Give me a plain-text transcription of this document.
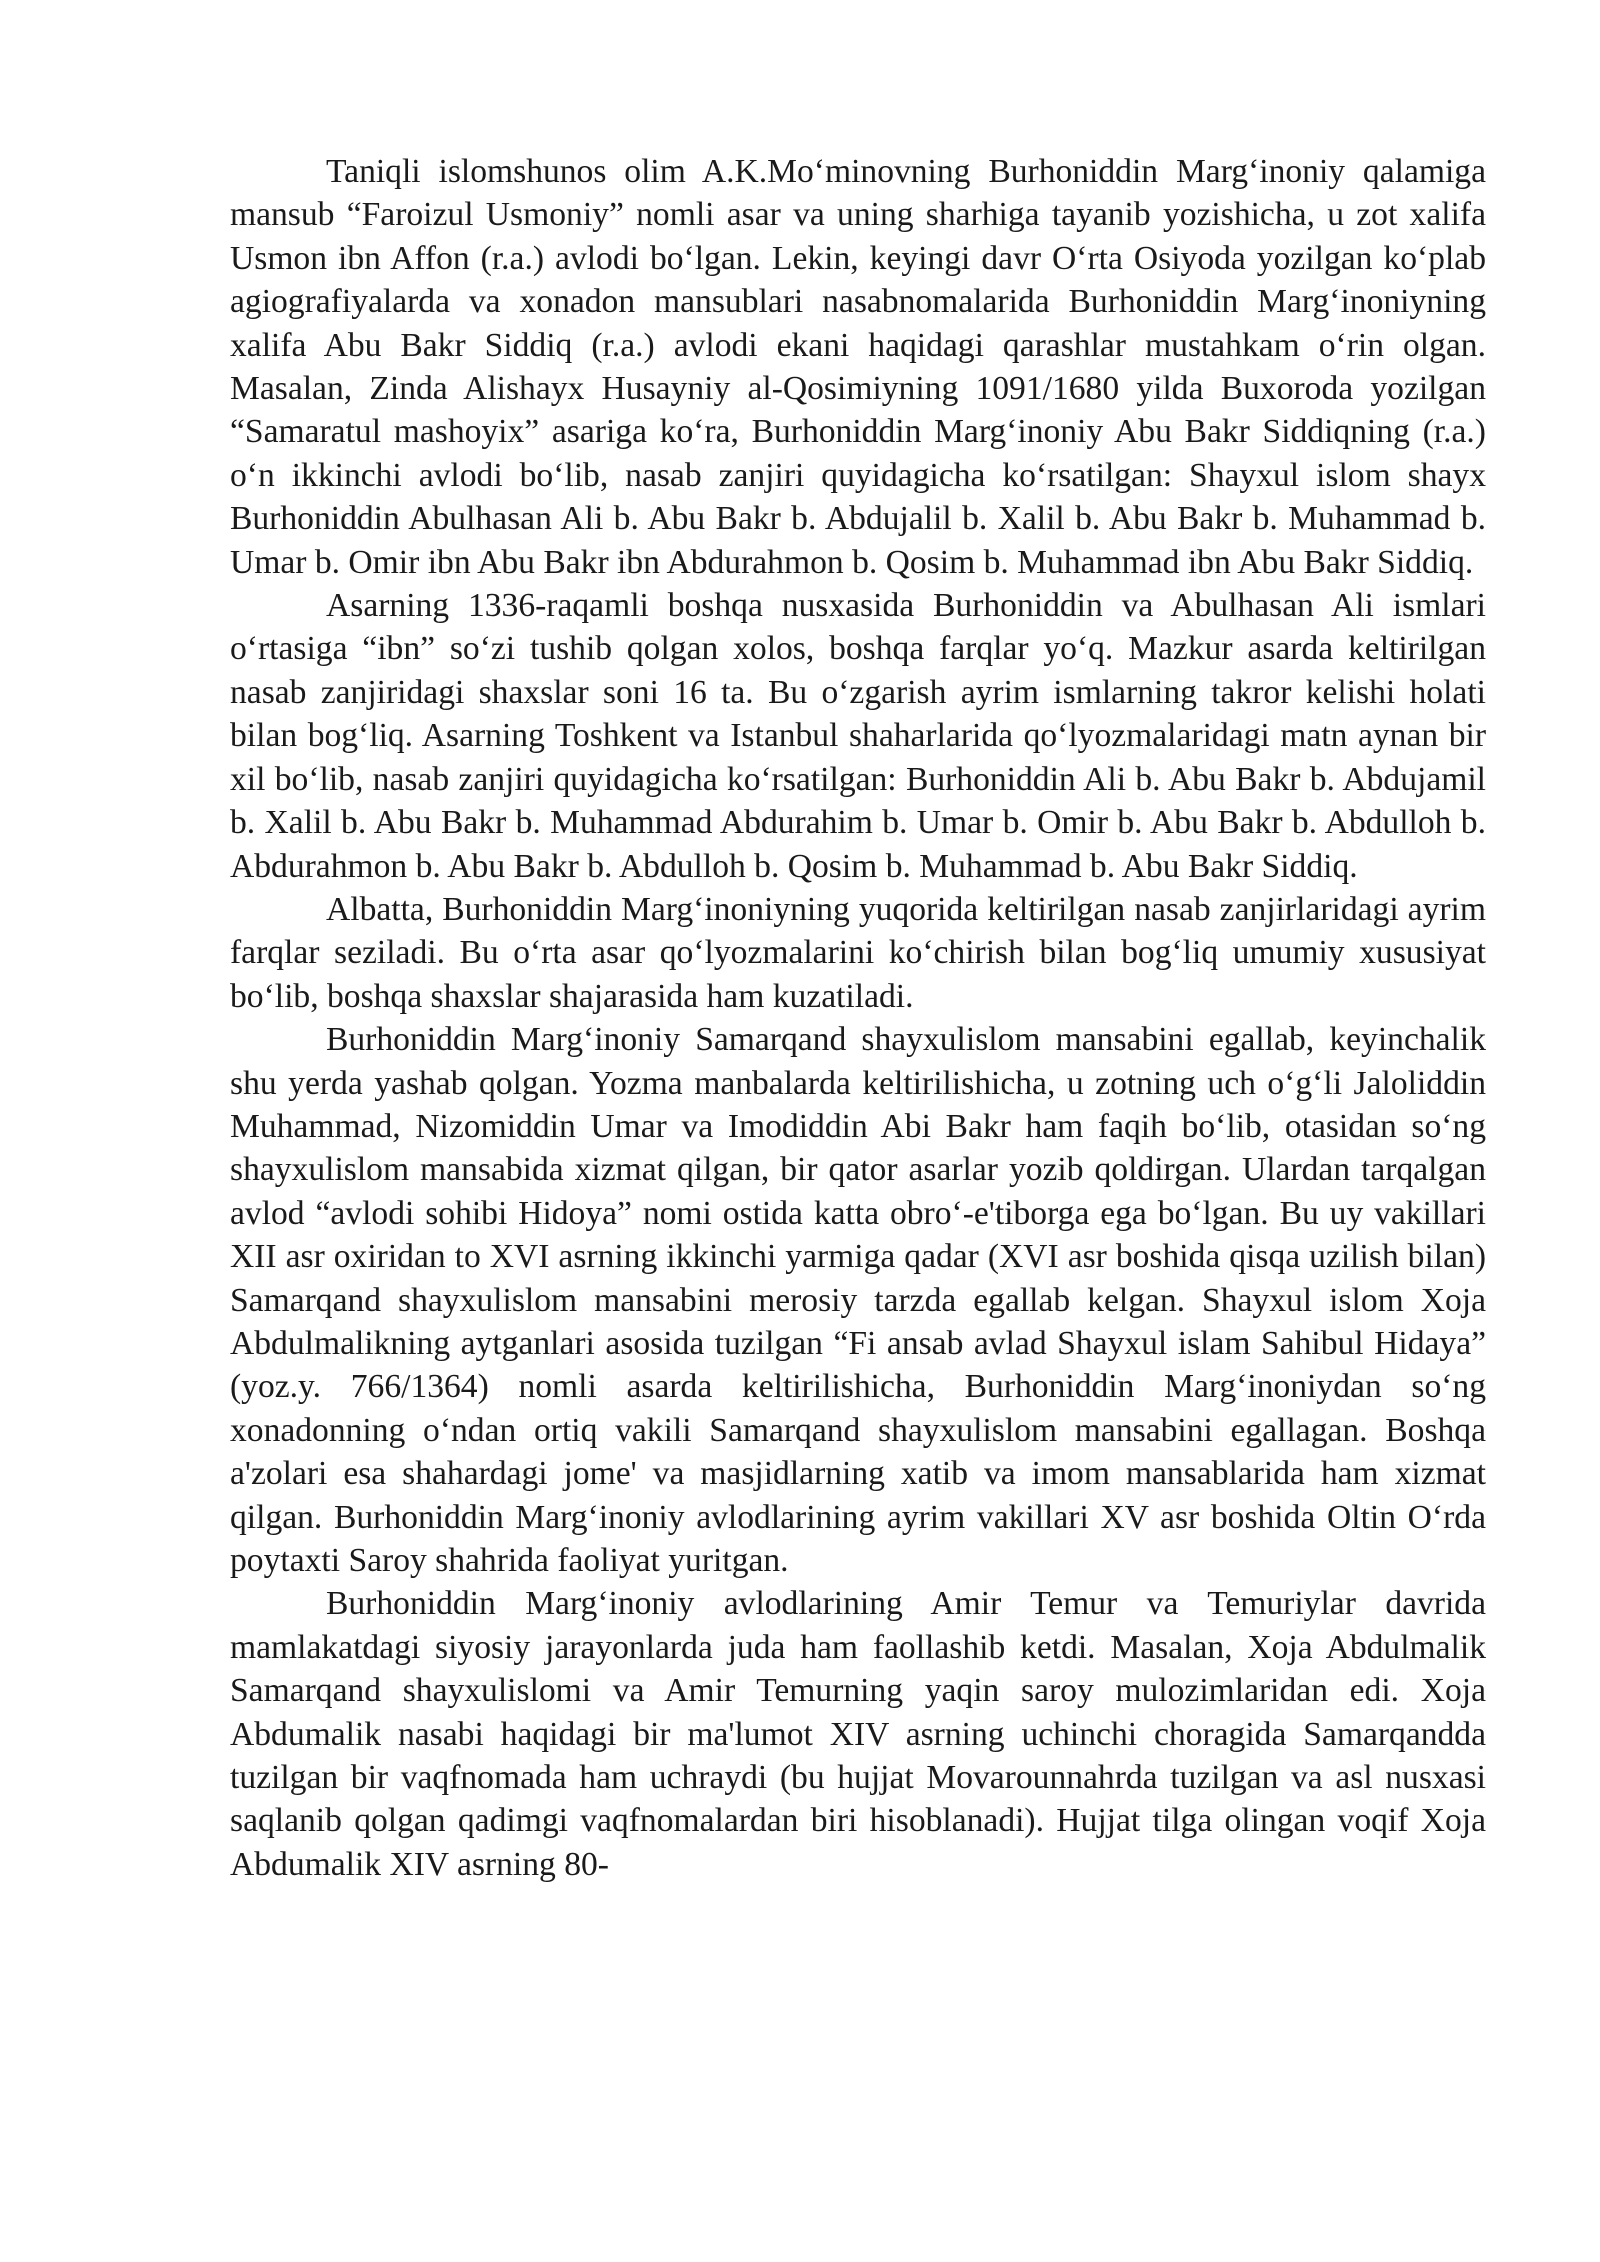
Taniqli islomshunos olim A.K.Mo‘minovning Burhoniddin Marg‘inoniy qalamiga mansub “Faroizul Usmoniy” nomli asar va uning sharhiga tayanib yozishicha, u zot xalifa Usmon ibn Affon (r.a.) avlodi bo‘lgan. Lekin, keyingi davr O‘rta Osiyoda yozilgan ko‘plab agiografiyalarda va xonadon mansublari nasabnomalarida Burhoniddin Marg‘inoniyning xalifa Abu Bakr Siddiq (r.a.) avlodi ekani haqidagi qarashlar mustahkam o‘rin olgan. Masalan, Zinda Alishayx Husayniy al-Qosimiyning 1091/1680 yilda Buxoroda yozilgan “Samaratul mashoyix” asariga ko‘ra, Burhoniddin Marg‘inoniy Abu Bakr Siddiqning (r.a.) o‘n ikkinchi avlodi bo‘lib, nasab zanjiri quyidagicha ko‘rsatilgan: Shayxul islom shayx Burhoniddin Abulhasan Ali b. Abu Bakr b. Abdujalil b. Xalil b. Abu Bakr b. Muhammad b. Umar b. Omir ibn Abu Bakr ibn Abdurahmon b. Qosim b. Muhammad ibn Abu Bakr Siddiq.

Asarning 1336-raqamli boshqa nusxasida Burhoniddin va Abulhasan Ali ismlari o‘rtasiga “ibn” so‘zi tushib qolgan xolos, boshqa farqlar yo‘q. Mazkur asarda keltirilgan nasab zanjiridagi shaxslar soni 16 ta. Bu o‘zgarish ayrim ismlarning takror kelishi holati bilan bog‘liq. Asarning Toshkent va Istanbul shaharlarida qo‘lyozmalaridagi matn aynan bir xil bo‘lib, nasab zanjiri quyidagicha ko‘rsatilgan: Burhoniddin Ali b. Abu Bakr b. Abdujamil b. Xalil b. Abu Bakr b. Muhammad Abdurahim b. Umar b. Omir b. Abu Bakr b. Abdulloh b. Abdurahmon b. Abu Bakr b. Abdulloh b. Qosim b. Muhammad b. Abu Bakr Siddiq.

Albatta, Burhoniddin Marg‘inoniyning yuqorida keltirilgan nasab zanjirlaridagi ayrim farqlar seziladi. Bu o‘rta asar qo‘lyozmalarini ko‘chirish bilan bog‘liq umumiy xususiyat bo‘lib, boshqa shaxslar shajarasida ham kuzatiladi.

Burhoniddin Marg‘inoniy Samarqand shayxulislom mansabini egallab, keyinchalik shu yerda yashab qolgan. Yozma manbalarda keltirilishicha, u zotning uch o‘g‘li Jaloliddin Muhammad, Nizomiddin Umar va Imodiddin Abi Bakr ham faqih bo‘lib, otasidan so‘ng shayxulislom mansabida xizmat qilgan, bir qator asarlar yozib qoldirgan. Ulardan tarqalgan avlod “avlodi sohibi Hidoya” nomi ostida katta obro‘-e'tiborga ega bo‘lgan. Bu uy vakillari XII asr oxiridan to XVI asrning ikkinchi yarmiga qadar (XVI asr boshida qisqa uzilish bilan) Samarqand shayxulislom mansabini merosiy tarzda egallab kelgan. Shayxul islom Xoja Abdulmalikning aytganlari asosida tuzilgan “Fi ansab avlad Shayxul islam Sahibul Hidaya” (yoz.y. 766/1364) nomli asarda keltirilishicha, Burhoniddin Marg‘inoniydan so‘ng xonadonning o‘ndan ortiq vakili Samarqand shayxulislom mansabini egallagan. Boshqa a'zolari esa shahardagi jome' va masjidlarning xatib va imom mansablarida ham xizmat qilgan. Burhoniddin Marg‘inoniy avlodlarining ayrim vakillari XV asr boshida Oltin O‘rda poytaxti Saroy shahrida faoliyat yuritgan.

Burhoniddin Marg‘inoniy avlodlarining Amir Temur va Temuriylar davrida mamlakatdagi siyosiy jarayonlarda juda ham faollashib ketdi. Masalan, Xoja Abdulmalik Samarqand shayxulislomi va Amir Temurning yaqin saroy mulozimlaridan edi. Xoja Abdumalik nasabi haqidagi bir ma'lumot XIV asrning uchinchi choragida Samarqandda tuzilgan bir vaqfnomada ham uchraydi (bu hujjat Movarounnahrda tuzilgan va asl nusxasi saqlanib qolgan qadimgi vaqfnomalardan biri hisoblanadi). Hujjat tilga olingan voqif Xoja Abdumalik XIV asrning 80-
